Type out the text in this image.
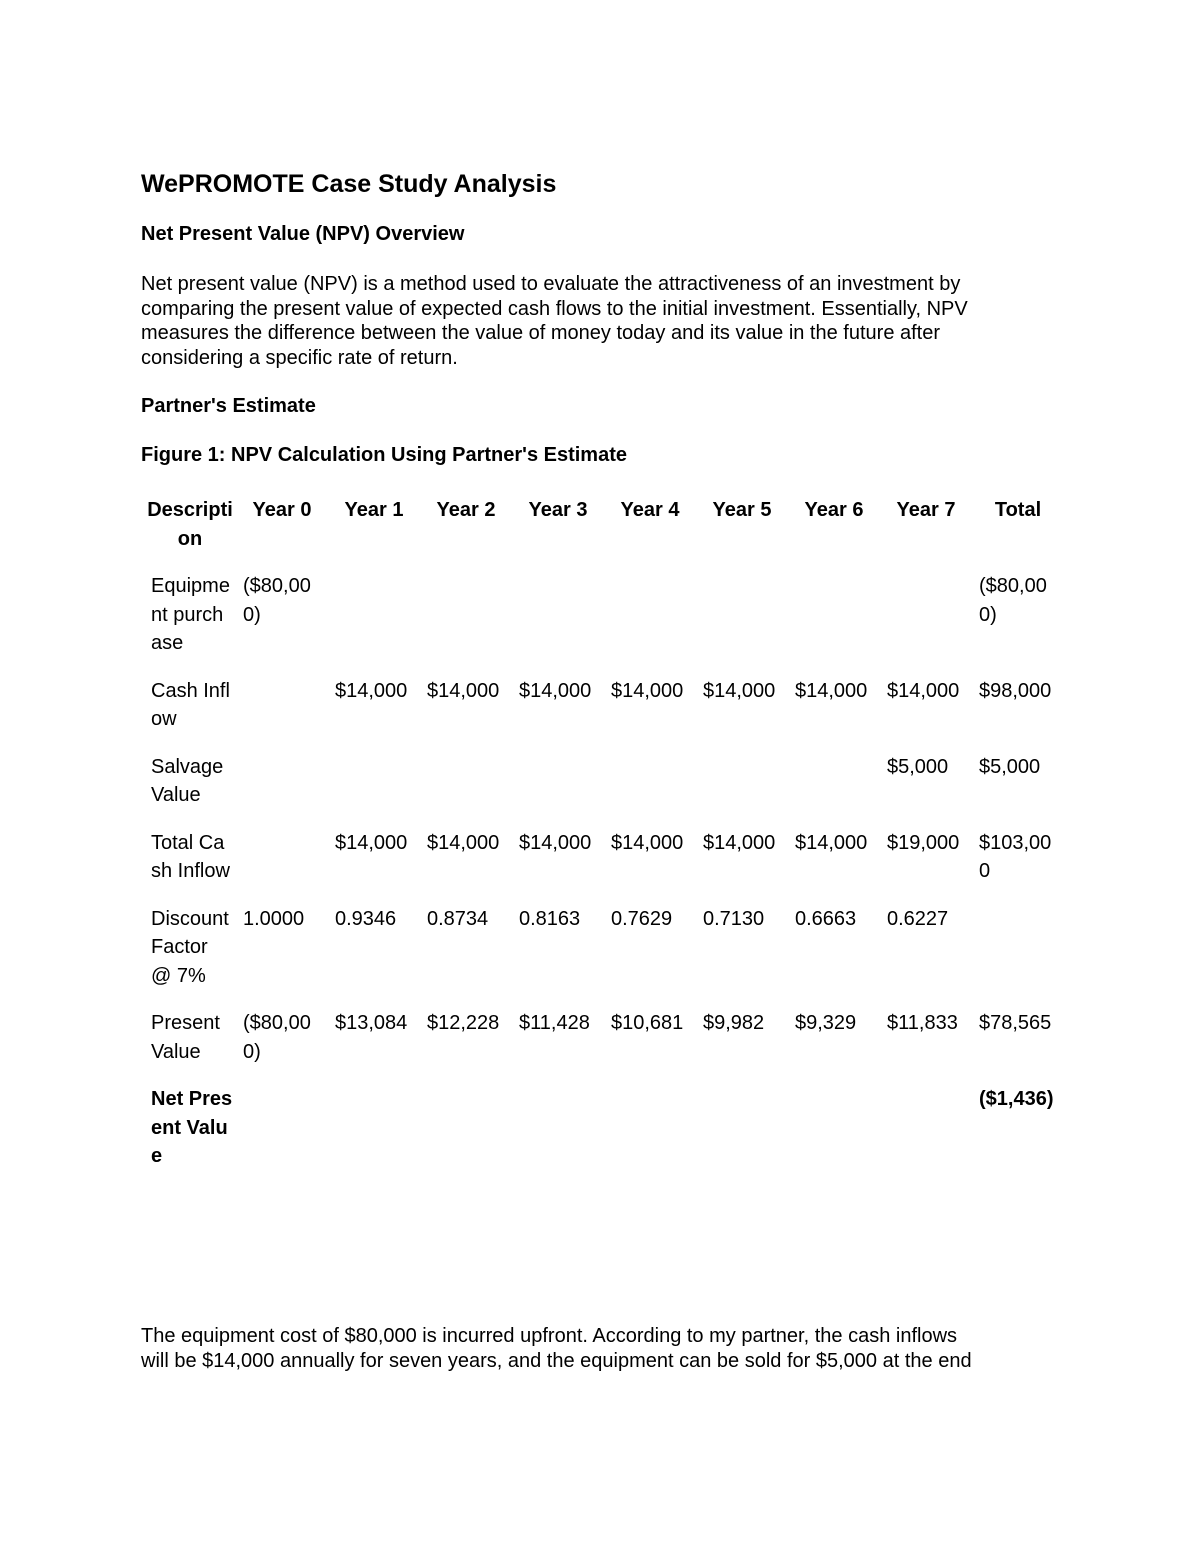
WePROMOTE Case Study Analysis
Net Present Value (NPV) Overview

Net present value (NPV) is a method used to evaluate the attractiveness of an investment by
comparing the present value of expected cash flows to the initial investment. Essentially, NPV
measures the difference between the value of money today and its value in the future after
considering a specific rate of return.

Partner's Estimate
Figure 1: NPV Calculation Using Partner's Estimate
Description	Year 0	Year 1	Year 2	Year 3	Year 4	Year 5	Year 6	Year 7	Total
Equipment purchase	($80,000)								($80,000)
Cash Inflow		$14,000	$14,000	$14,000	$14,000	$14,000	$14,000	$14,000	$98,000
Salvage Value								$5,000	$5,000
Total Cash Inflow		$14,000	$14,000	$14,000	$14,000	$14,000	$14,000	$19,000	$103,000
Discount Factor @ 7%	1.0000	0.9346	0.8734	0.8163	0.7629	0.7130	0.6663	0.6227	
Present Value	($80,000)	$13,084	$12,228	$11,428	$10,681	$9,982	$9,329	$11,833	$78,565
Net Present Value									($1,436)

The equipment cost of $80,000 is incurred upfront. According to my partner, the cash inflows
will be $14,000 annually for seven years, and the equipment can be sold for $5,000 at the end
